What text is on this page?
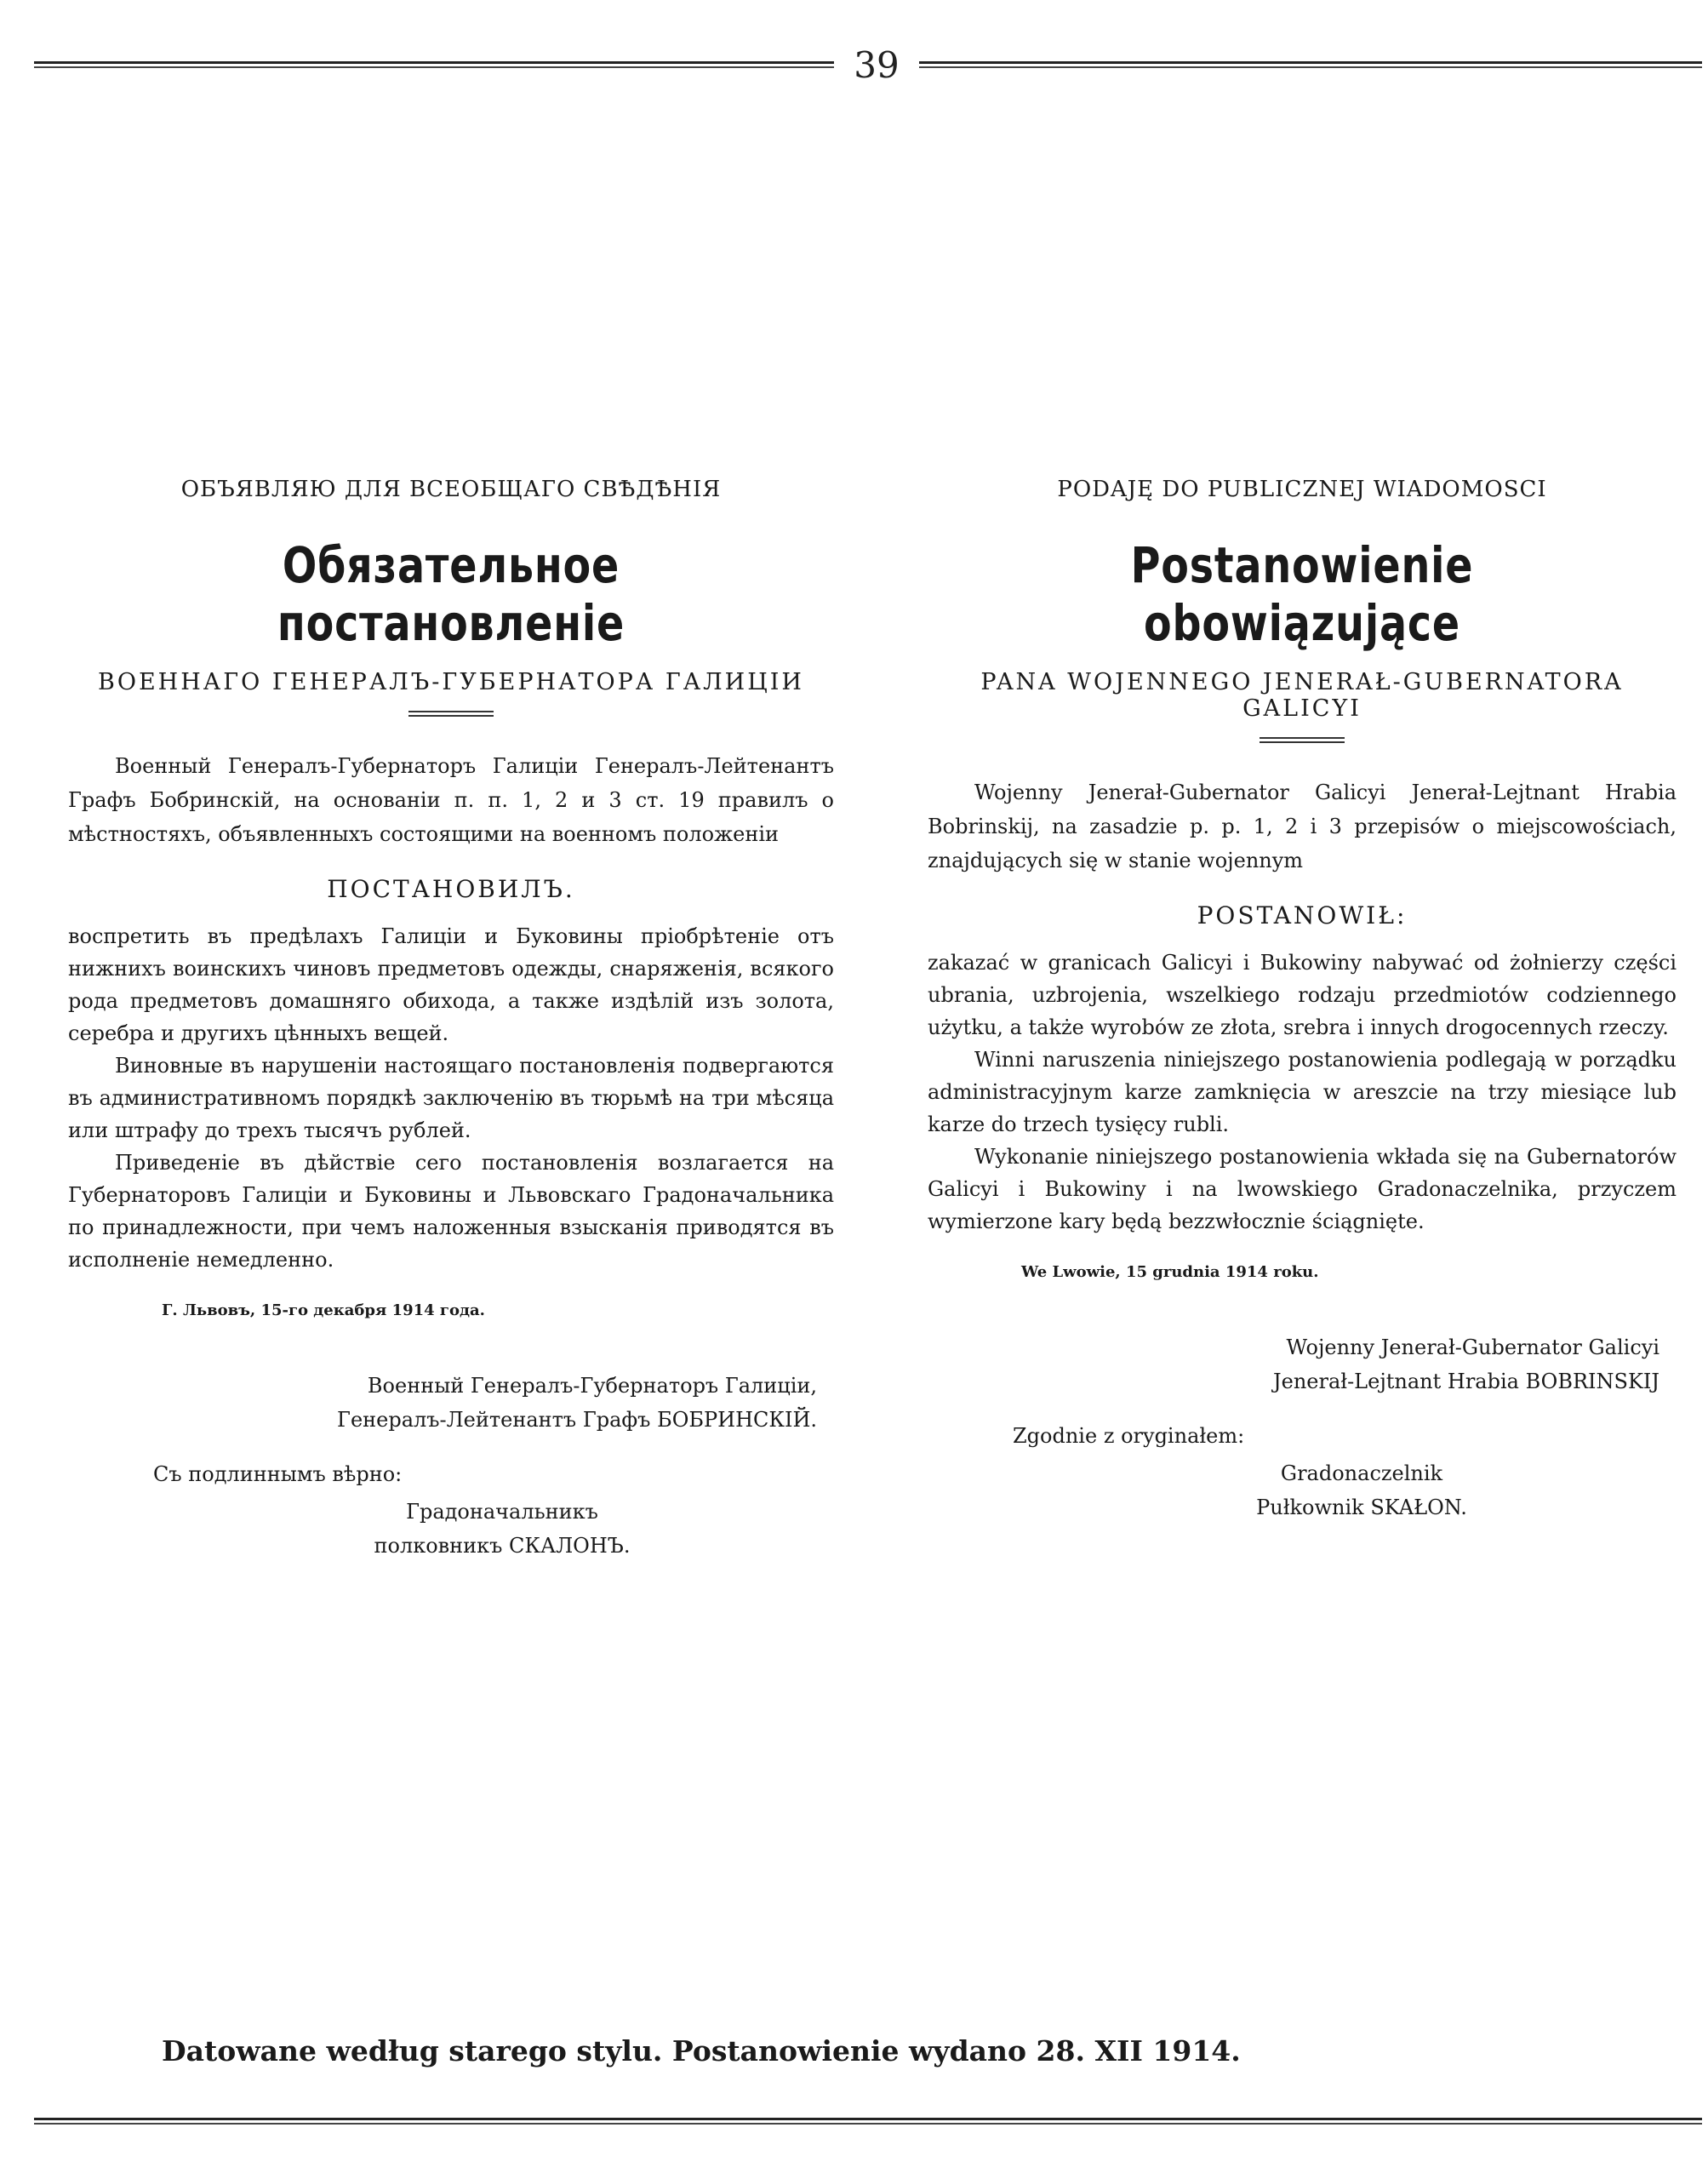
39
ОБЪЯВЛЯЮ ДЛЯ ВСЕОБЩАГО СВѢДѢНІЯ
Обязательное постановленіе
ВОЕННАГО ГЕНЕРАЛЪ-ГУБЕРНАТОРА ГАЛИЦІИ

Военный Генералъ-Губернаторъ Галиціи Генералъ-Лейтенантъ Графъ Бобринскій, на основаніи п. п. 1, 2 и 3 ст. 19 правилъ о мѣстностяхъ, объявленныхъ состоящими на военномъ положеніи

ПОСТАНОВИЛЪ.

воспретить въ предѣлахъ Галиціи и Буковины пріобрѣтеніе отъ нижнихъ воинскихъ чиновъ предметовъ одежды, снаряженія, всякого рода предметовъ домашняго обихода, а также издѣлій изъ золота, серебра и другихъ цѣнныхъ вещей.

Виновные въ нарушеніи настоящаго постановленія подвергаются въ административномъ порядкѣ заключенію въ тюрьмѣ на три мѣсяца или штрафу до трехъ тысячъ рублей.

Приведеніе въ дѣйствіе сего постановленія возлагается на Губернаторовъ Галиціи и Буковины и Львовскаго Градоначальника по принадлежности, при чемъ наложенныя взысканія приводятся въ исполненіе немедленно.

Г. Львовъ, 15-го декабря 1914 года.
Военный Генералъ-Губернаторъ Галиціи,
Генералъ-Лейтенантъ Графъ БОБРИНСКІЙ.
Съ подлиннымъ вѣрно:
Градоначальникъ
полковникъ СКАЛОНЪ.
PODAJĘ DO PUBLICZNEJ WIADOMOSCI
Postanowienie obowiązujące
PANA WOJENNEGO JENERAŁ-GUBERNATORA GALICYI

Wojenny Jenerał-Gubernator Galicyi Jenerał-Lejtnant Hrabia Bobrinskij, na zasadzie p. p. 1, 2 i 3 przepisów o miejscowościach, znajdujących się w stanie wojennym

POSTANOWIŁ:

zakazać w granicach Galicyi i Bukowiny nabywać od żołnierzy części ubrania, uzbrojenia, wszelkiego rodzaju przedmiotów codziennego użytku, a także wyrobów ze złota, srebra i innych drogocennych rzeczy.

Winni naruszenia niniejszego postanowienia podlegają w porządku administracyjnym karze zamknięcia w areszcie na trzy miesiące lub karze do trzech tysięcy rubli.

Wykonanie niniejszego postanowienia wkłada się na Gubernatorów Galicyi i Bukowiny i na lwowskiego Gradonaczelnika, przyczem wymierzone kary będą bezzwłocznie ściągnięte.

We Lwowie, 15 grudnia 1914 roku.
Wojenny Jenerał-Gubernator Galicyi
Jenerał-Lejtnant Hrabia BOBRINSKIJ
Zgodnie z oryginałem:
Gradonaczelnik
Pułkownik SKAŁON.
Datowane według starego stylu. Postanowienie wydano 28. XII 1914.
